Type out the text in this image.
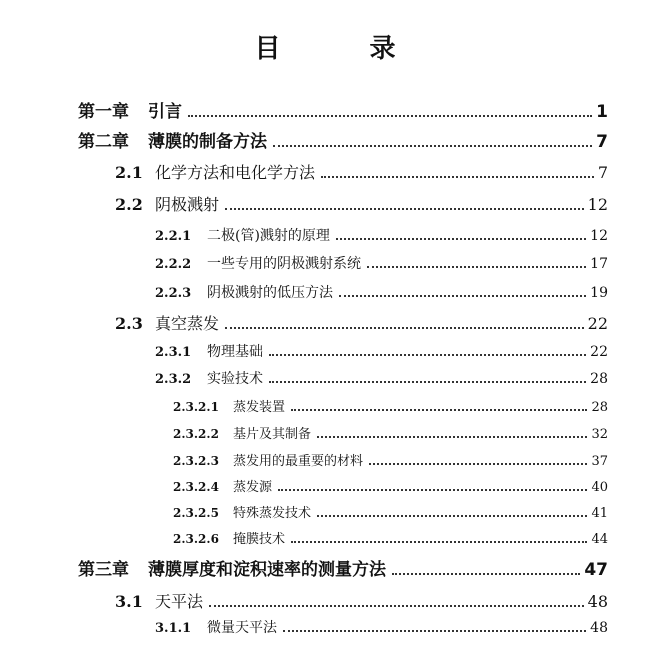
目 录
第一章	引言	1
第二章	薄膜的制备方法	7
2.1 化学方法和电化学方法	7
2.2 阴极溅射	12
2.2.1	二极(管)溅射的原理	12
2.2.2	一些专用的阴极溅射系统	17
2.2.3	阴极溅射的低压方法	19
2.3 真空蒸发	22
2.3.1	物理基础	22
2.3.2	实验技术	28
2.3.2.1	蒸发装置	28
2.3.2.2	基片及其制备	32
2.3.2.3	蒸发用的最重要的材料	37
2.3.2.4	蒸发源	40
2.3.2.5	特殊蒸发技术	41
2.3.2.6	掩膜技术	44
第三章	薄膜厚度和淀积速率的测量方法	47
3.1 天平法	48
3.1.1	微量天平法	48
